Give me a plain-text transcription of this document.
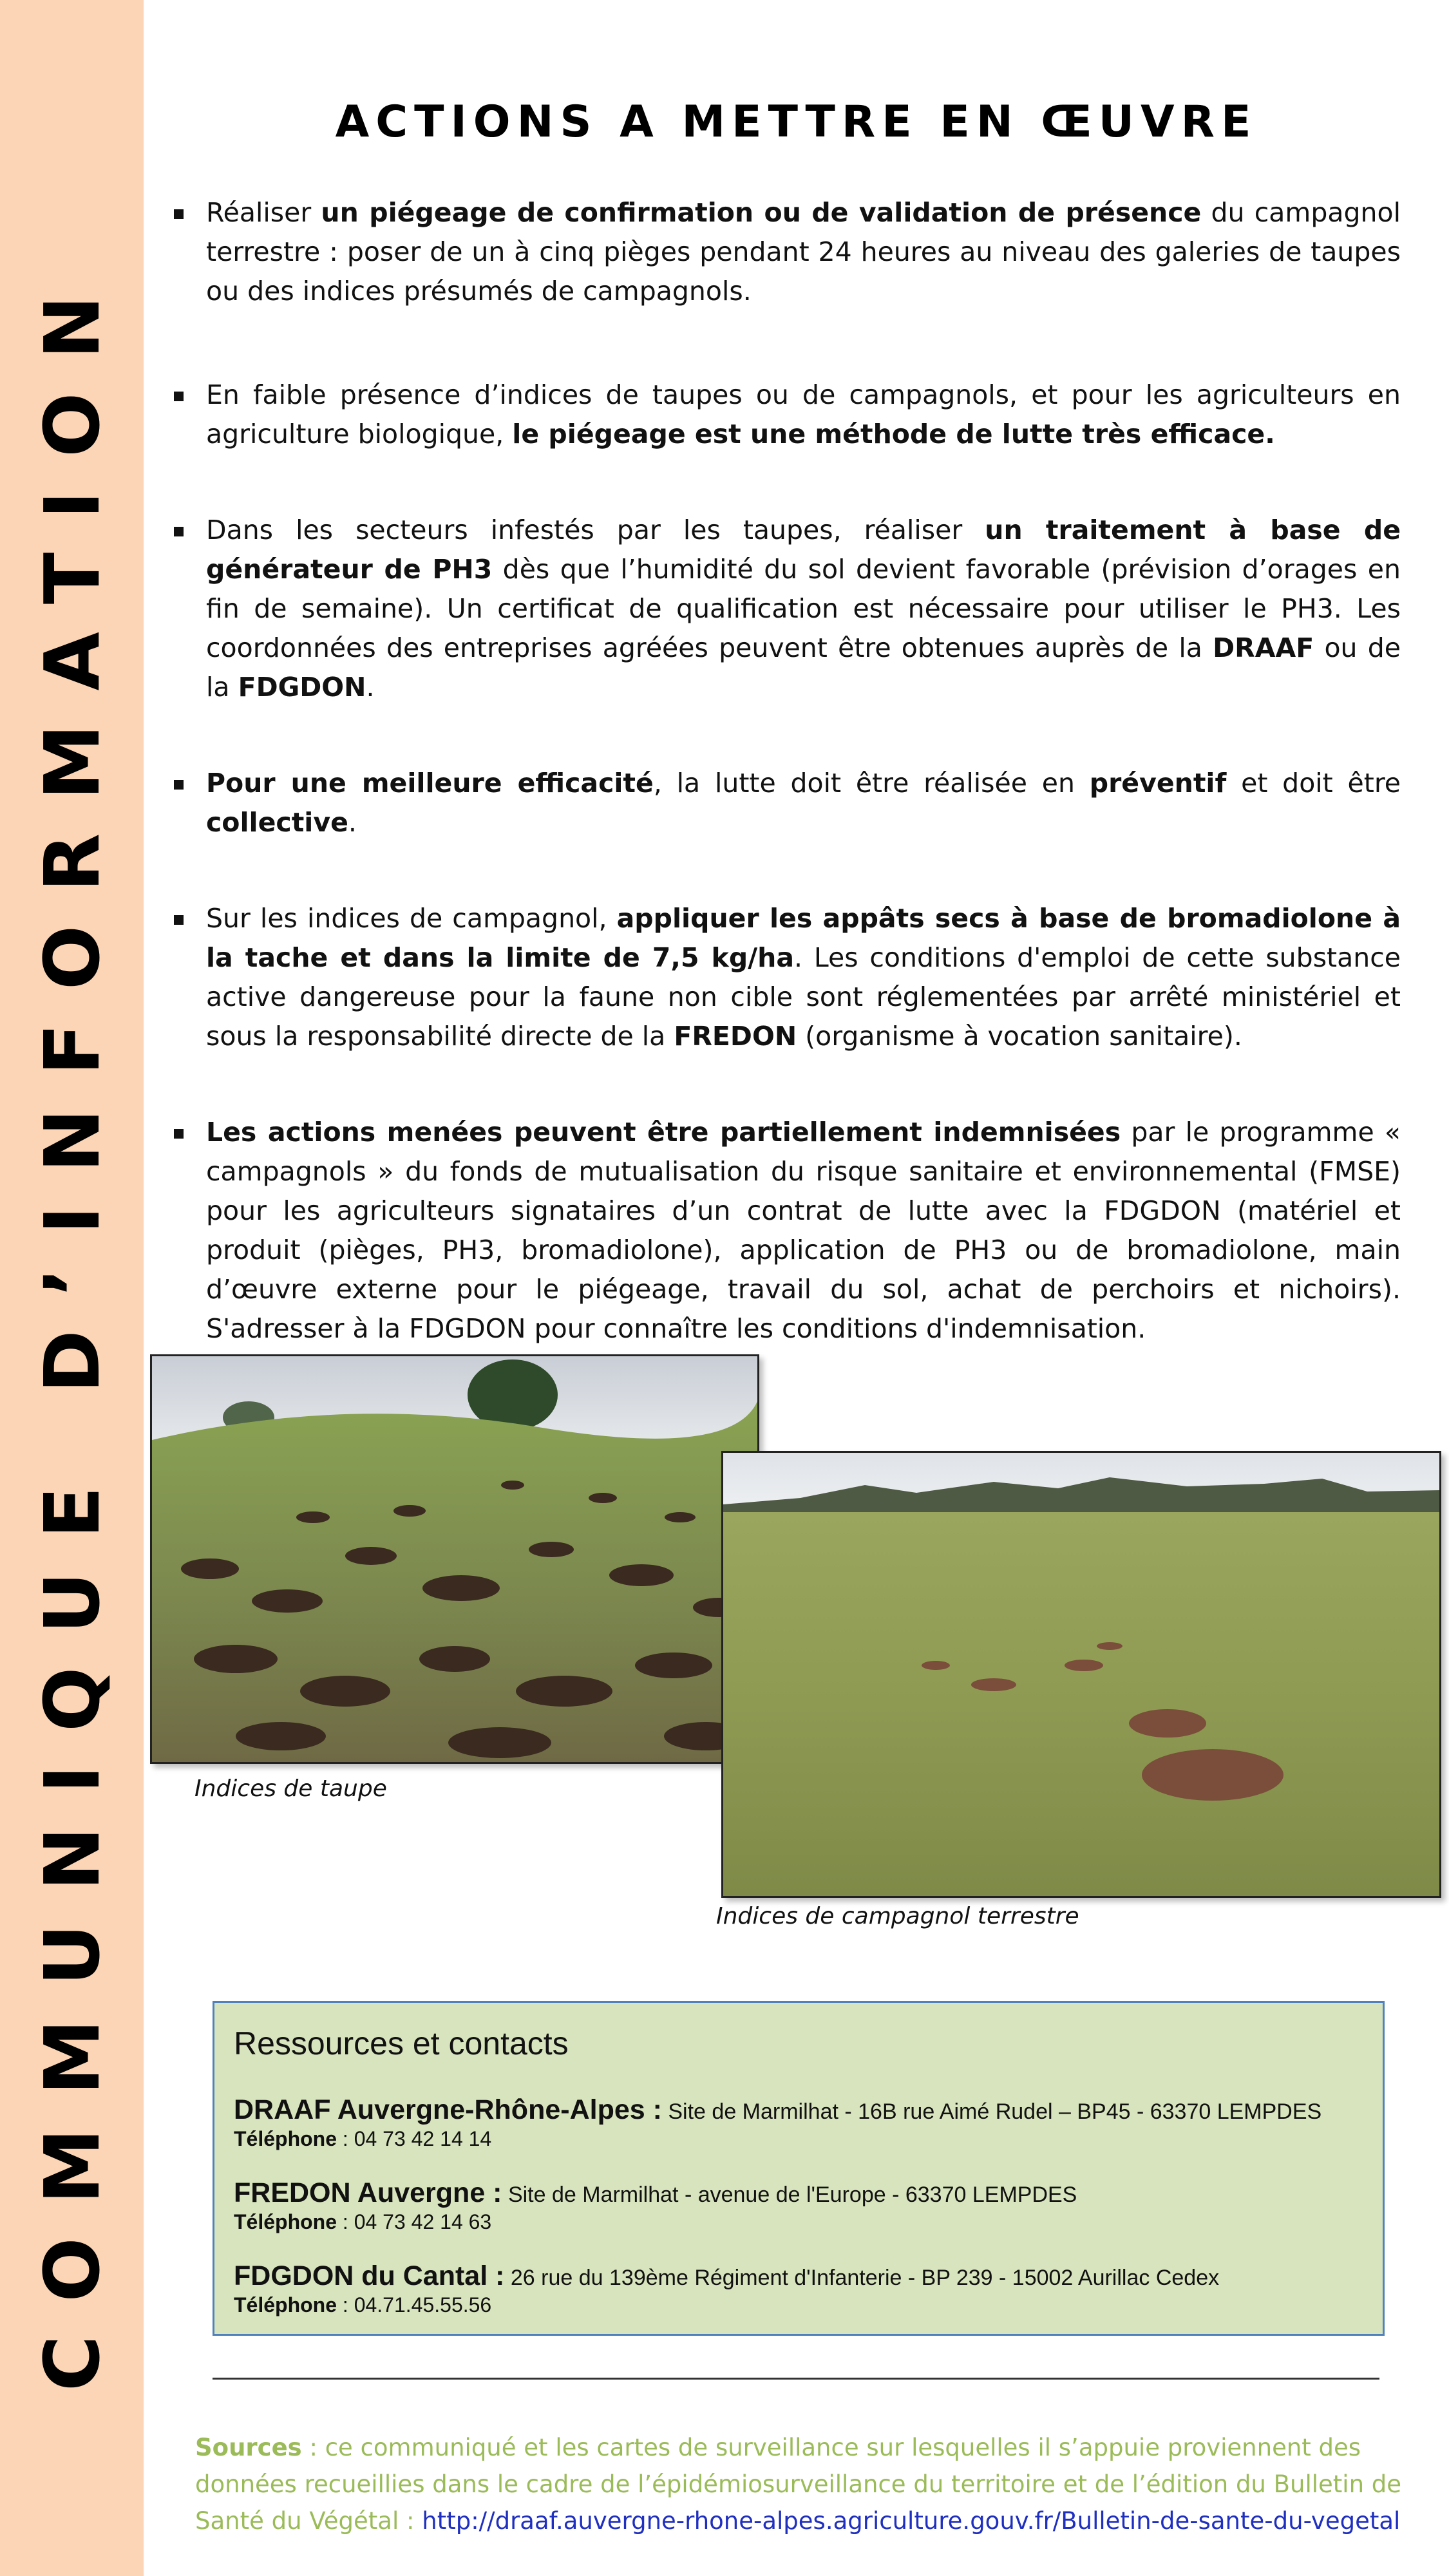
COMMUNIQUE D’INFORMATION
ACTIONS A METTRE EN ŒUVRE
Réaliser un piégeage de confirmation ou de validation de présence du campagnol terrestre : poser de un à cinq pièges pendant 24 heures au niveau des galeries de taupes ou des indices présumés de campagnols.
En faible présence d’indices de taupes ou de campagnols, et pour les agriculteurs en agriculture biologique, le piégeage est une méthode de lutte très efficace.
Dans les secteurs infestés par les taupes, réaliser un traitement à base de générateur de PH3 dès que l’humidité du sol devient favorable (prévision d’orages en fin de semaine). Un certificat de qualification est nécessaire pour utiliser le PH3. Les coordonnées des entreprises agréées peuvent être obtenues auprès de la DRAAF ou de la FDGDON.
Pour une meilleure efficacité, la lutte doit être réalisée en préventif et doit être collective.
Sur les indices de campagnol, appliquer les appâts secs à base de bromadiolone à la tache et dans la limite de 7,5 kg/ha. Les conditions d'emploi de cette substance active dangereuse pour la faune non cible sont réglementées par arrêté ministériel et sous la responsabilité directe de la FREDON (organisme à vocation sanitaire).
Les actions menées peuvent être partiellement indemnisées par le programme « campagnols » du fonds de mutualisation du risque sanitaire et environnemental (FMSE) pour les agriculteurs signataires d’un contrat de lutte avec la FDGDON (matériel et produit (pièges, PH3, bromadiolone), application de PH3 ou de bromadiolone, main d’œuvre externe pour le piégeage, travail du sol, achat de perchoirs et nichoirs). S'adresser à la FDGDON pour connaître les conditions d'indemnisation.
Indices de taupe
Indices de campagnol terrestre
Ressources et contacts
DRAAF Auvergne-Rhône-Alpes : Site de Marmilhat - 16B rue Aimé Rudel – BP45 - 63370 LEMPDES
Téléphone : 04 73 42 14 14
FREDON Auvergne : Site de Marmilhat - avenue de l'Europe - 63370 LEMPDES
Téléphone : 04 73 42 14 63
FDGDON du Cantal : 26 rue du 139ème Régiment d'Infanterie - BP 239 - 15002 Aurillac Cedex
Téléphone : 04.71.45.55.56
Sources : ce communiqué et les cartes de surveillance sur lesquelles il s’appuie proviennent des données recueillies dans le cadre de l’épidémiosurveillance du territoire et de l’édition du Bulletin de Santé du Végétal : http://draaf.auvergne-rhone-alpes.agriculture.gouv.fr/Bulletin-de-sante-du-vegetal
